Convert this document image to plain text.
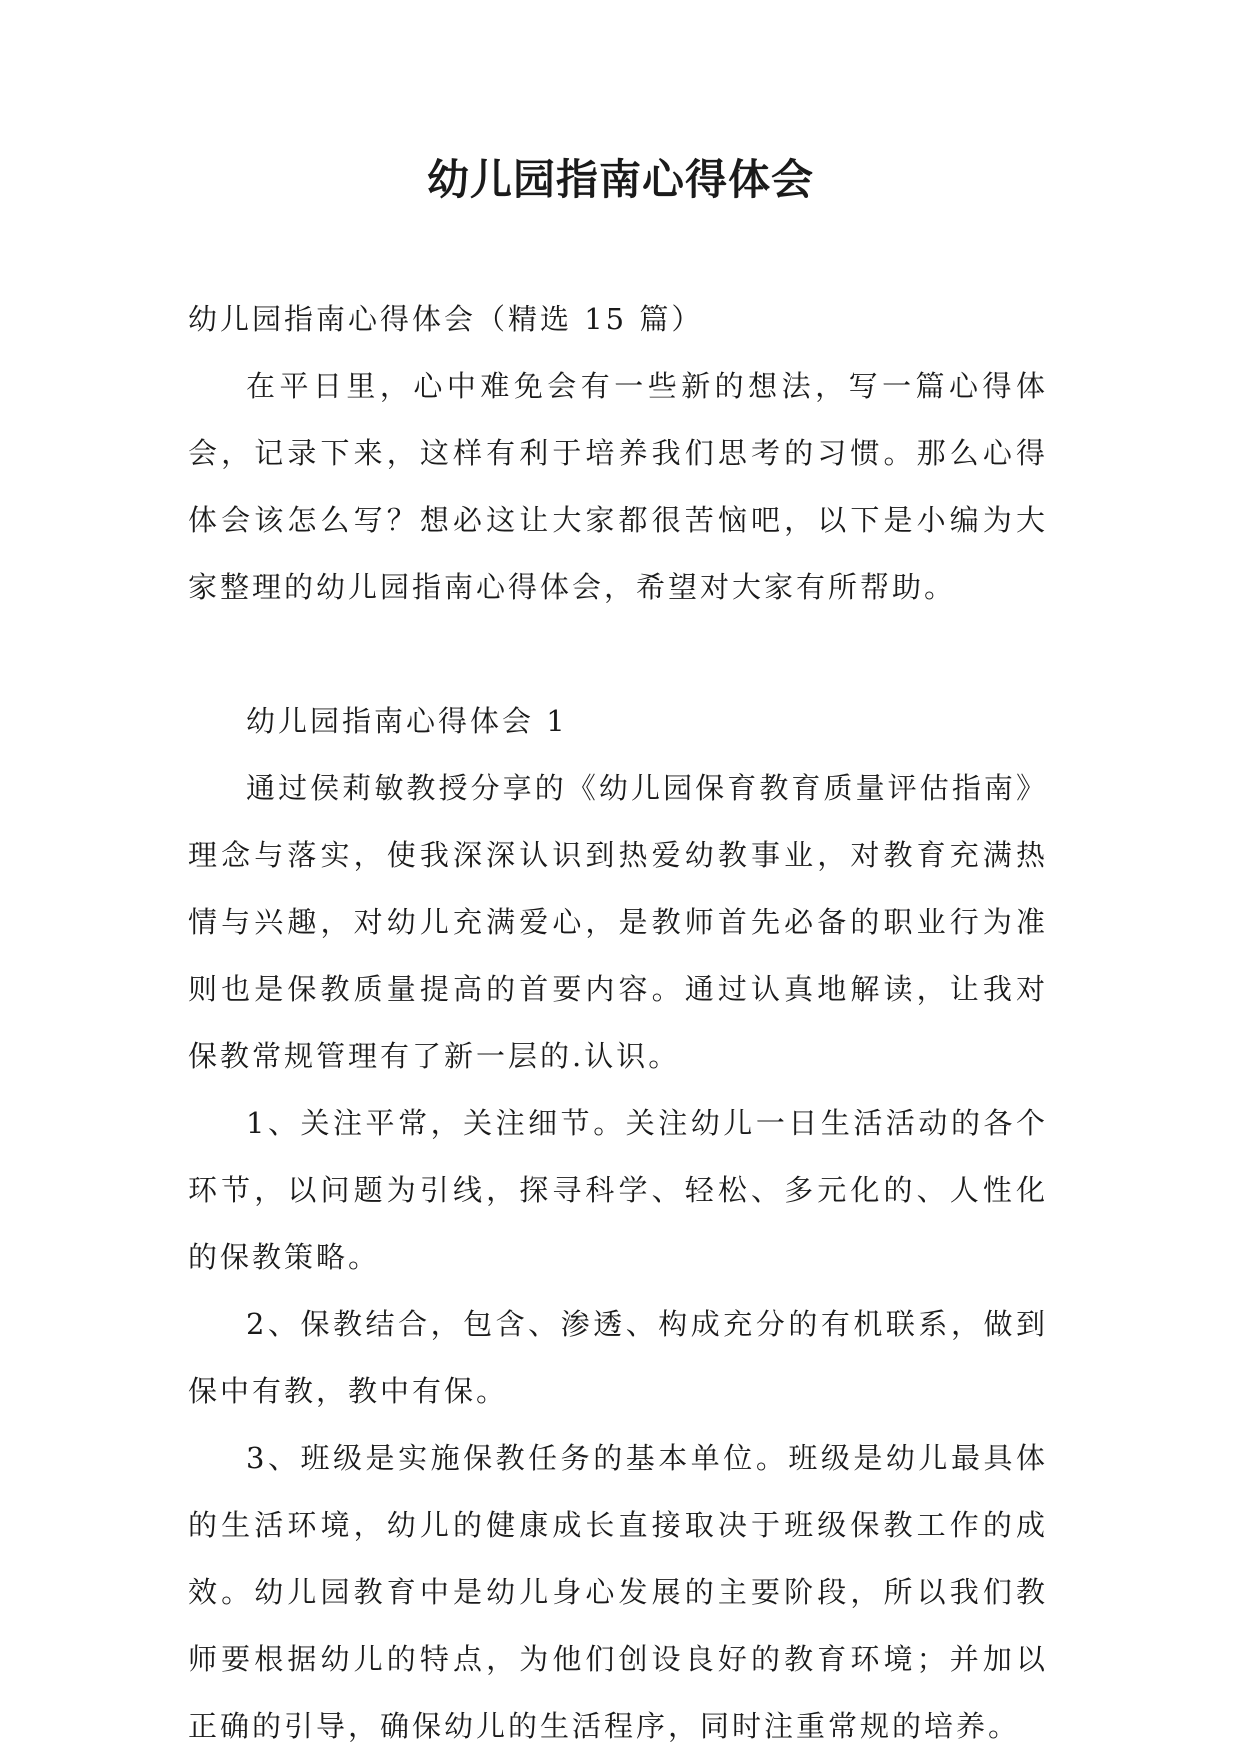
幼儿园指南心得体会

幼儿园指南心得体会（精选 15 篇）

在平日里，心中难免会有一些新的想法，写一篇心得体会，记录下来，这样有利于培养我们思考的习惯。那么心得体会该怎么写？想必这让大家都很苦恼吧，以下是小编为大家整理的幼儿园指南心得体会，希望对大家有所帮助。

幼儿园指南心得体会 1

通过侯莉敏教授分享的《幼儿园保育教育质量评估指南》理念与落实，使我深深认识到热爱幼教事业，对教育充满热情与兴趣，对幼儿充满爱心，是教师首先必备的职业行为准则也是保教质量提高的首要内容。通过认真地解读，让我对保教常规管理有了新一层的.认识。

1、关注平常，关注细节。关注幼儿一日生活活动的各个环节，以问题为引线，探寻科学、轻松、多元化的、人性化的保教策略。

2、保教结合，包含、渗透、构成充分的有机联系，做到保中有教，教中有保。

3、班级是实施保教任务的基本单位。班级是幼儿最具体的生活环境，幼儿的健康成长直接取决于班级保教工作的成效。幼儿园教育中是幼儿身心发展的主要阶段，所以我们教师要根据幼儿的特点，为他们创设良好的教育环境；并加以正确的引导，确保幼儿的生活程序，同时注重常规的培养。
